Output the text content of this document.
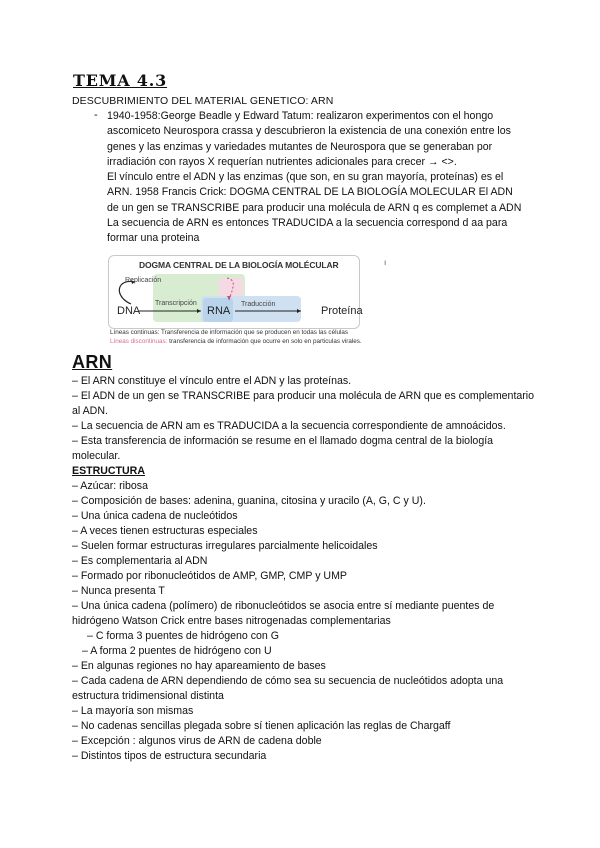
TEMA 4.3
DESCUBRIMIENTO DEL MATERIAL GENETICO: ARN
- 1940-1958:George Beadle y Edward Tatum: realizaron experimentos con el hongo ascomiceto Neurospora crassa y descubrieron la existencia de una conexión entre los genes y las enzimas y variedades mutantes de Neurospora que se generaban por irradiación con rayos X requerían nutrientes adicionales para crecer → <>.

El vínculo entre el ADN y las enzimas (que son, en su gran mayoría, proteínas) es el ARN. 1958 Francis Crick: DOGMA CENTRAL DE LA BIOLOGÍA MOLECULAR El ADN de un gen se TRANSCRIBE para producir una molécula de ARN q es complemet a ADN

La secuencia de ARN es entonces TRADUCIDA a la secuencia correspond d aa para formar una proteina

DOGMA CENTRAL DE LA BIOLOGÍA MOLÉCULAR
Replicación
Transcripción	Traducción
DNA	RNA	Proteína
Líneas continuas: Transferencia de información que se producen en todas las células
Líneas discontinuas: transferencia de información que ocurre en solo en particulas virales.
ı
ARN

– El ARN constituye el vínculo entre el ADN y las proteínas.

– El ADN de un gen se TRANSCRIBE para producir una molécula de ARN que es complementario al ADN.

– La secuencia de ARN am es TRADUCIDA a la secuencia correspondiente de amnoácidos.

– Esta transferencia de información se resume en el llamado dogma central de la biología molecular.

ESTRUCTURA

– Azúcar: ribosa

– Composición de bases: adenina, guanina, citosina y uracilo (A, G, C y U).

– Una única cadena de nucleótidos

– A veces tienen estructuras especiales

– Suelen formar estructuras irregulares parcialmente helicoidales

– Es complementaria al ADN

– Formado por ribonucleótidos de AMP, GMP, CMP y UMP

– Nunca presenta T

– Una única cadena (polímero) de ribonucleótidos se asocia entre sí mediante puentes de hidrógeno Watson Crick entre bases nitrogenadas complementarias

– C forma 3 puentes de hidrógeno con G

– A forma 2 puentes de hidrógeno con U

– En algunas regiones no hay apareamiento de bases

– Cada cadena de ARN dependiendo de cómo sea su secuencia de nucleótidos adopta una estructura tridimensional distinta

– La mayoría son mismas

– No cadenas sencillas plegada sobre sí tienen aplicación las reglas de Chargaff

– Excepción : algunos virus de ARN de cadena doble

– Distintos tipos de estructura secundaria
